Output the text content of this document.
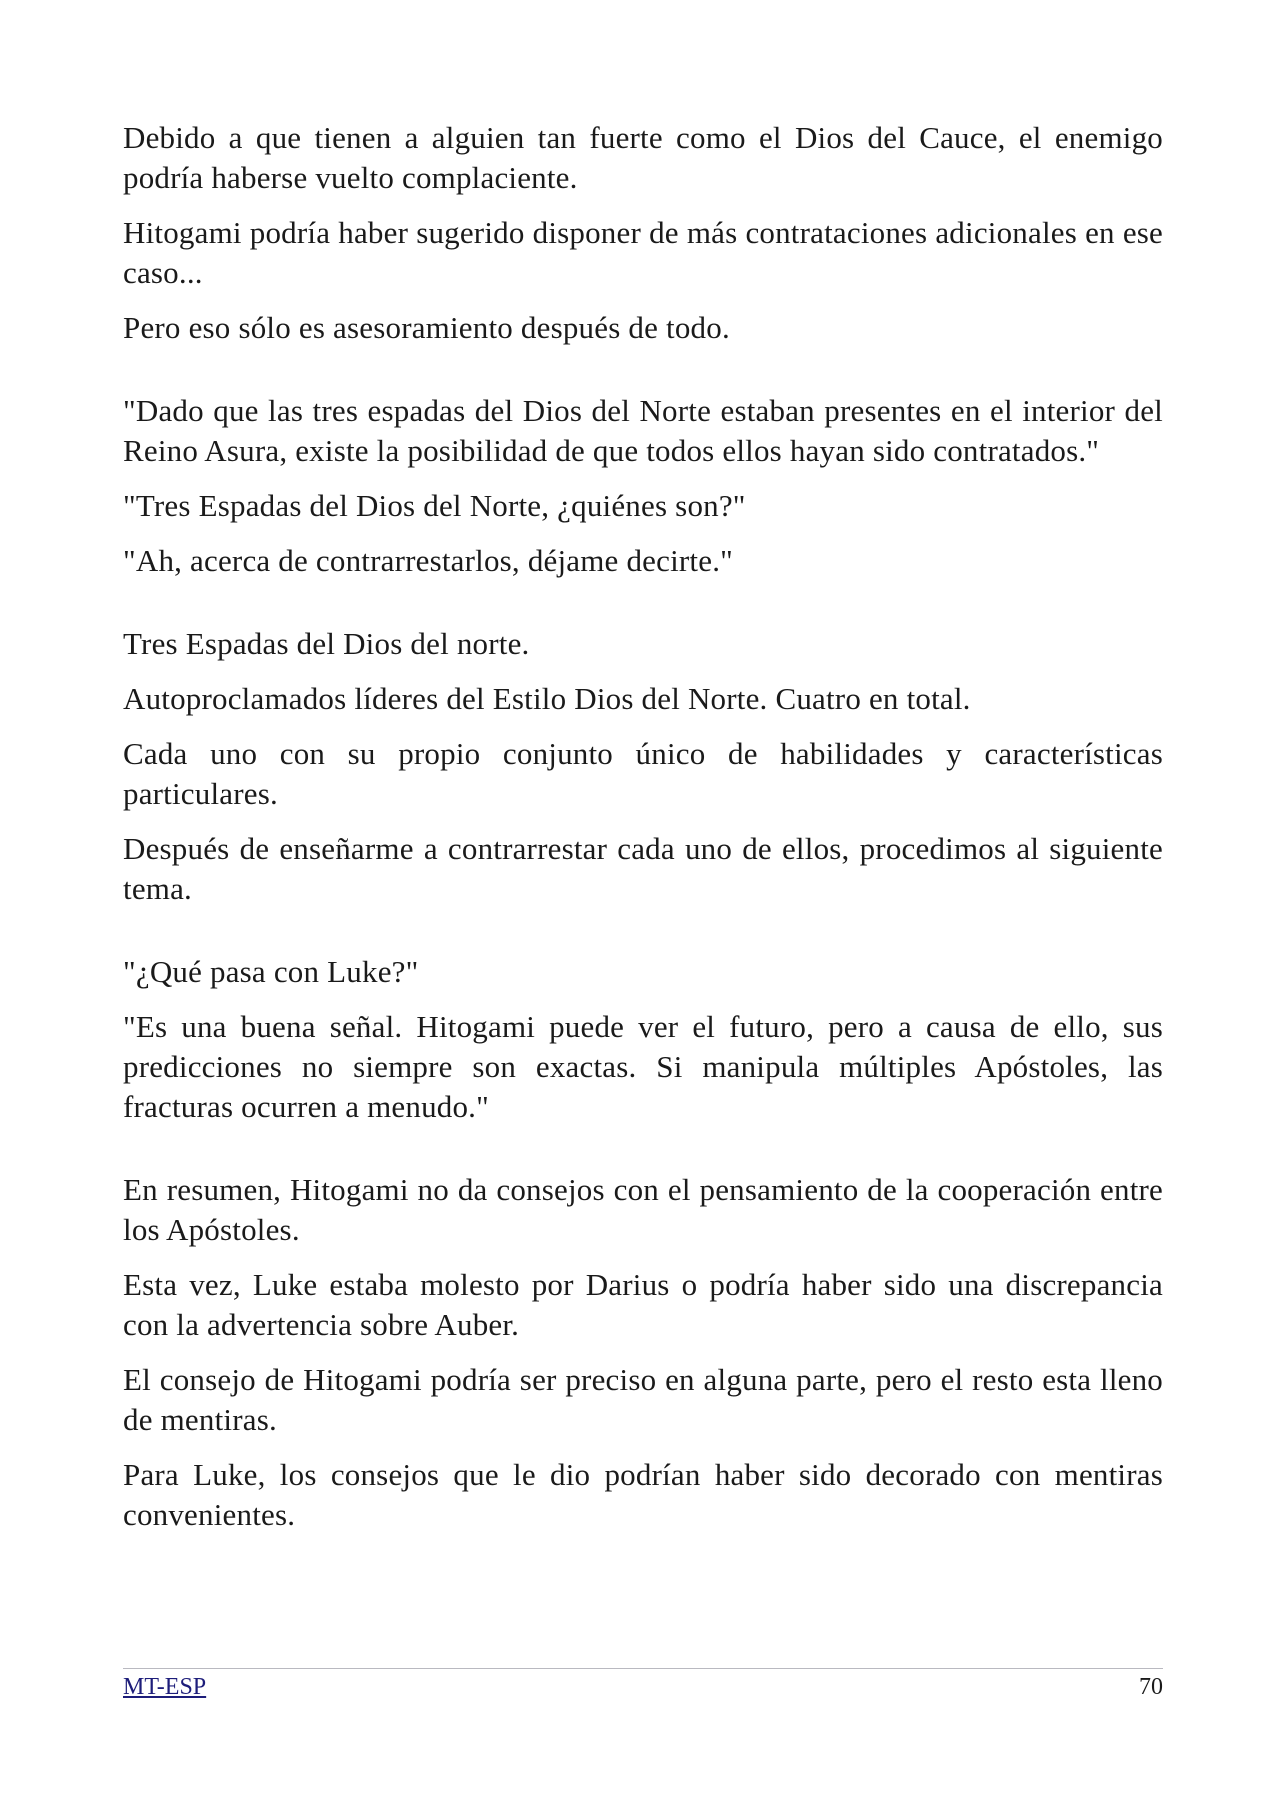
Debido a que tienen a alguien tan fuerte como el Dios del Cauce, el enemigo podría haberse vuelto complaciente.

Hitogami podría haber sugerido disponer de más contrataciones adicionales en ese caso...

Pero eso sólo es asesoramiento después de todo.

"Dado que las tres espadas del Dios del Norte estaban presentes en el interior del Reino Asura, existe la posibilidad de que todos ellos hayan sido contratados."

"Tres Espadas del Dios del Norte, ¿quiénes son?"

"Ah, acerca de contrarrestarlos, déjame decirte."

Tres Espadas del Dios del norte.

Autoproclamados líderes del Estilo Dios del Norte. Cuatro en total.

Cada uno con su propio conjunto único de habilidades y características particulares.

Después de enseñarme a contrarrestar cada uno de ellos, procedimos al siguiente tema.

"¿Qué pasa con Luke?"

"Es una buena señal. Hitogami puede ver el futuro, pero a causa de ello, sus predicciones no siempre son exactas. Si manipula múltiples Apóstoles, las fracturas ocurren a menudo."

En resumen, Hitogami no da consejos con el pensamiento de la cooperación entre los Apóstoles.

Esta vez, Luke estaba molesto por Darius o podría haber sido una discrepancia con la advertencia sobre Auber.

El consejo de Hitogami podría ser preciso en alguna parte, pero el resto esta lleno de mentiras.

Para Luke, los consejos que le dio podrían haber sido decorado con mentiras convenientes.

MT-ESP	70
